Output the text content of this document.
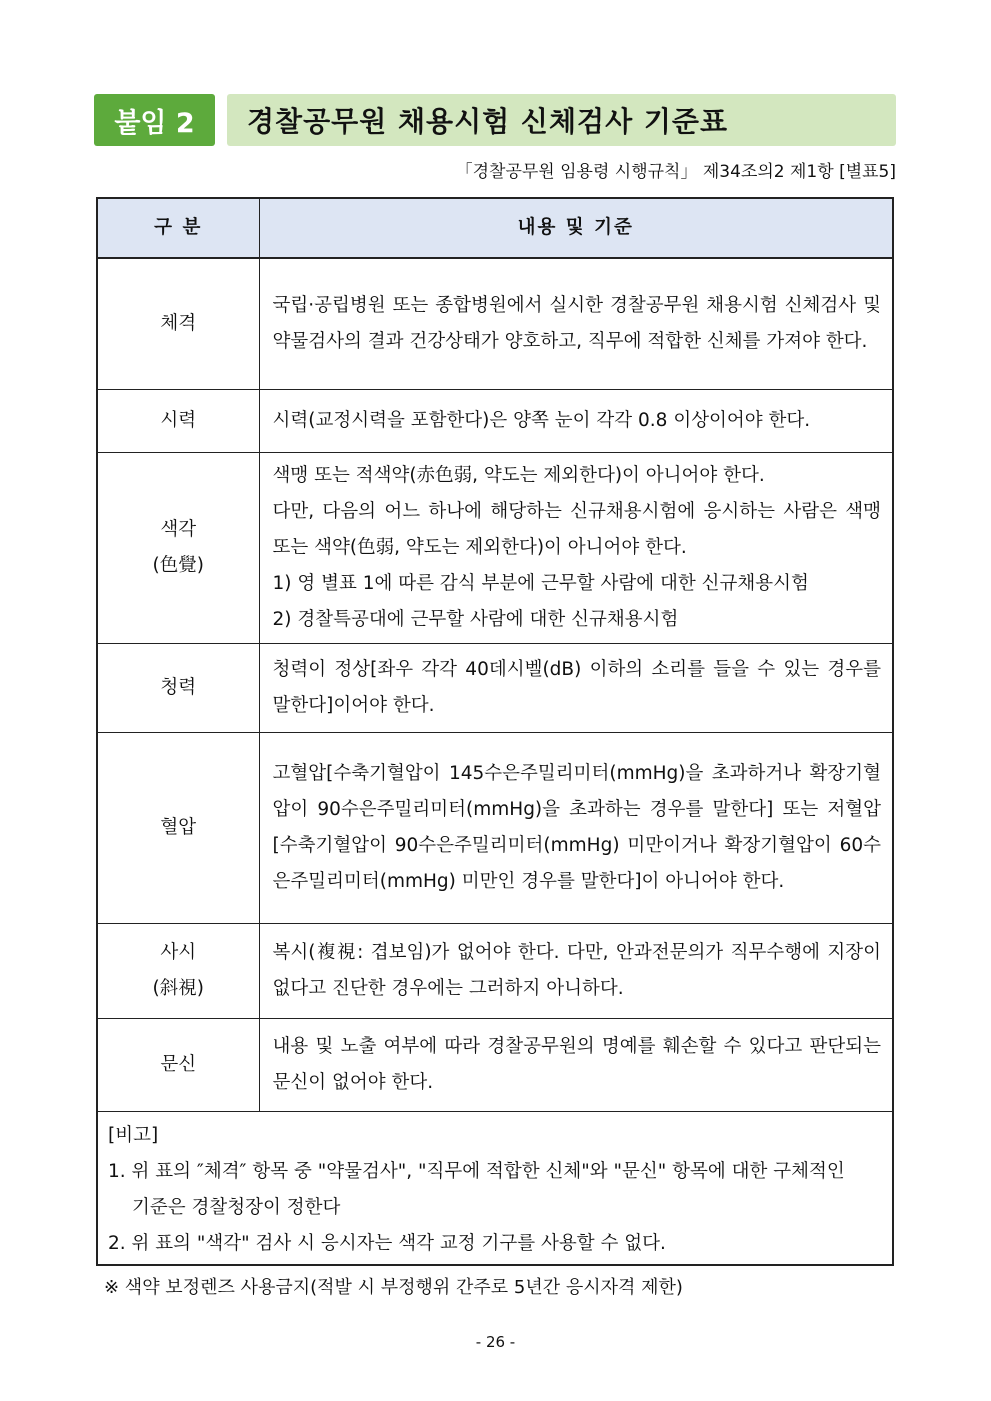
붙임 2	경찰공무원 채용시험 신체검사 기준표
「경찰공무원 임용령 시행규칙」 제34조의2 제1항 [별표5]
구 분	내용 및 기준
체격	국립·공립병원 또는 종합병원에서 실시한 경찰공무원 채용시험 신체검사 및 약물검사의 결과 건강상태가 양호하고, 직무에 적합한 신체를 가져야 한다.

시력	시력(교정시력을 포함한다)은 양쪽 눈이 각각 0.8 이상이어야 한다.

색각
(色覺)	색맹 또는 적색약(赤色弱, 약도는 제외한다)이 아니어야 한다.
다만, 다음의 어느 하나에 해당하는 신규채용시험에 응시하는 사람은 색맹 또는 색약(色弱, 약도는 제외한다)이 아니어야 한다.
1) 영 별표 1에 따른 감식 부분에 근무할 사람에 대한 신규채용시험
2) 경찰특공대에 근무할 사람에 대한 신규채용시험

청력	청력이 정상[좌우 각각 40데시벨(dB) 이하의 소리를 들을 수 있는 경우를 말한다]이어야 한다.

혈압	고혈압[수축기혈압이 145수은주밀리미터(mmHg)을 초과하거나 확장기혈압이 90수은주밀리미터(mmHg)을 초과하는 경우를 말한다] 또는 저혈압[수축기혈압이 90수은주밀리미터(mmHg) 미만이거나 확장기혈압이 60수은주밀리미터(mmHg) 미만인 경우를 말한다]이 아니어야 한다.

사시
(斜視)	복시(複視: 겹보임)가 없어야 한다. 다만, 안과전문의가 직무수행에 지장이 없다고 진단한 경우에는 그러하지 아니하다.

문신	내용 및 노출 여부에 따라 경찰공무원의 명예를 훼손할 수 있다고 판단되는 문신이 없어야 한다.

[비고]
1. 위 표의 ″체격″ 항목 중 "약물검사", "직무에 적합한 신체"와 "문신" 항목에 대한 구체적인
기준은 경찰청장이 정한다
2. 위 표의 "색각" 검사 시 응시자는 색각 교정 기구를 사용할 수 없다.	
※ 색약 보정렌즈 사용금지(적발 시 부정행위 간주로 5년간 응시자격 제한)
- 26 -
